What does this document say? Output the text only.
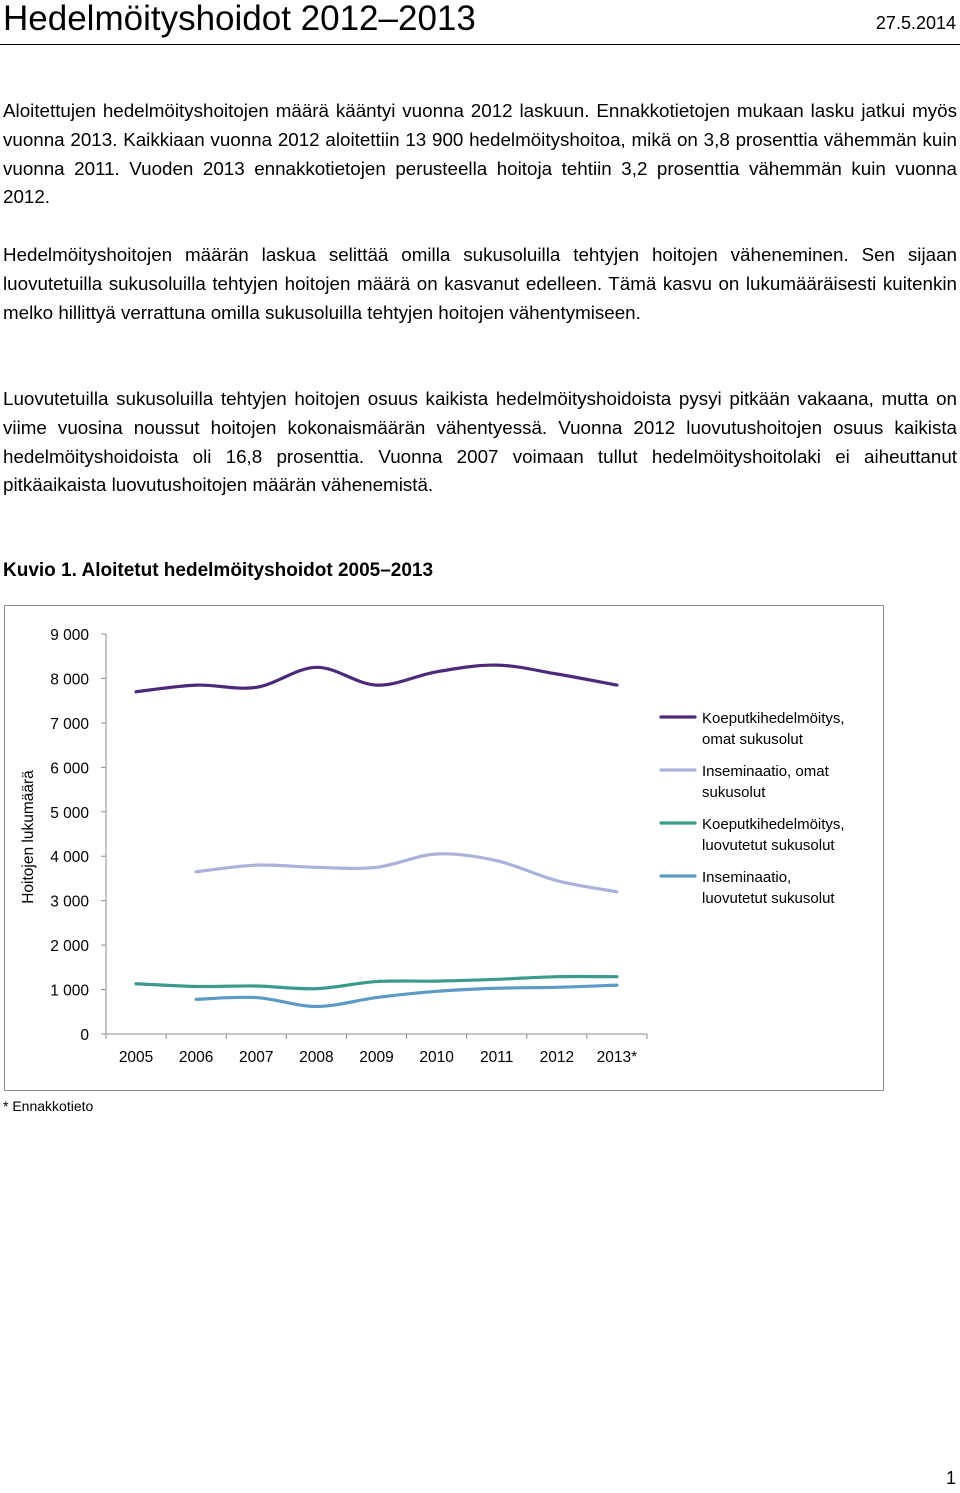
Hedelmöityshoidot 2012–2013	27.5.2014

Aloitettujen hedelmöityshoitojen määrä kääntyi vuonna 2012 laskuun. Ennakkotietojen mukaan lasku jatkui myös vuonna 2013. Kaikkiaan vuonna 2012 aloitettiin 13 900 hedelmöityshoitoa, mikä on 3,8 prosenttia vähemmän kuin vuonna 2011. Vuoden 2013 ennakkotietojen perusteella hoitoja tehtiin 3,2 prosenttia vähemmän kuin vuonna 2012.

Hedelmöityshoitojen määrän laskua selittää omilla sukusoluilla tehtyjen hoitojen väheneminen. Sen sijaan luovutetuilla sukusoluilla tehtyjen hoitojen määrä on kasvanut edelleen. Tämä kasvu on lukumääräisesti kuitenkin melko hillittyä verrattuna omilla sukusoluilla tehtyjen hoitojen vähentymiseen.

Luovutetuilla sukusoluilla tehtyjen hoitojen osuus kaikista hedelmöityshoidoista pysyi pitkään vakaana, mutta on viime vuosina noussut hoitojen kokonaismäärän vähentyessä. Vuonna 2012 luovutushoitojen osuus kaikista hedelmöityshoidoista oli 16,8 prosenttia. Vuonna 2007 voimaan tullut hedelmöityshoitolaki ei aiheuttanut pitkäaikaista luovutushoitojen määrän vähenemistä.

Kuvio 1. Aloitetut hedelmöityshoidot 2005–2013
0
1 000
2 000
3 000
4 000
5 000
6 000
7 000
8 000
9 000
2005 2006 2007 2008 2009 2010 2011 2012 2013*
Hoitojen lukumäärä
Koeputkihedelmöitys, omat sukusolut
Inseminaatio, omat sukusolut
Koeputkihedelmöitys, luovutetut sukusolut
Inseminaatio, luovutetut sukusolut
* Ennakkotieto
1
